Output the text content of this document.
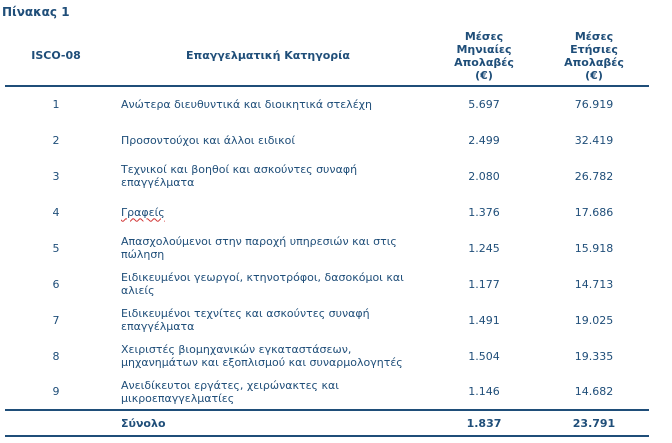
Πίνακας 1
ISCO-08	Επαγγελματική Κατηγορία	Μέσες
Μηνιαίες
Απολαβές
(€)	Μέσες
Ετήσιες
Απολαβές
(€)
1	Ανώτερα διευθυντικά και διοικητικά στελέχη	5.697	76.919
2	Προσοντούχοι και άλλοι ειδικοί	2.499	32.419
3	Τεχνικοί και βοηθοί και ασκούντες συναφή
επαγγέλματα	2.080	26.782
4	Γραφείς	1.376	17.686
5	Απασχολούμενοι στην παροχή υπηρεσιών και στις
πώληση	1.245	15.918
6	Ειδικευμένοι γεωργοί, κτηνοτρόφοι, δασοκόμοι και
αλιείς	1.177	14.713
7	Ειδικευμένοι τεχνίτες και ασκούντες συναφή
επαγγέλματα	1.491	19.025
8	Χειριστές βιομηχανικών εγκαταστάσεων,
μηχανημάτων και εξοπλισμού και συναρμολογητές	1.504	19.335
9	Ανειδίκευτοι εργάτες, χειρώνακτες και
μικροεπαγγελματίες	1.146	14.682
	Σύνολο	1.837	23.791
